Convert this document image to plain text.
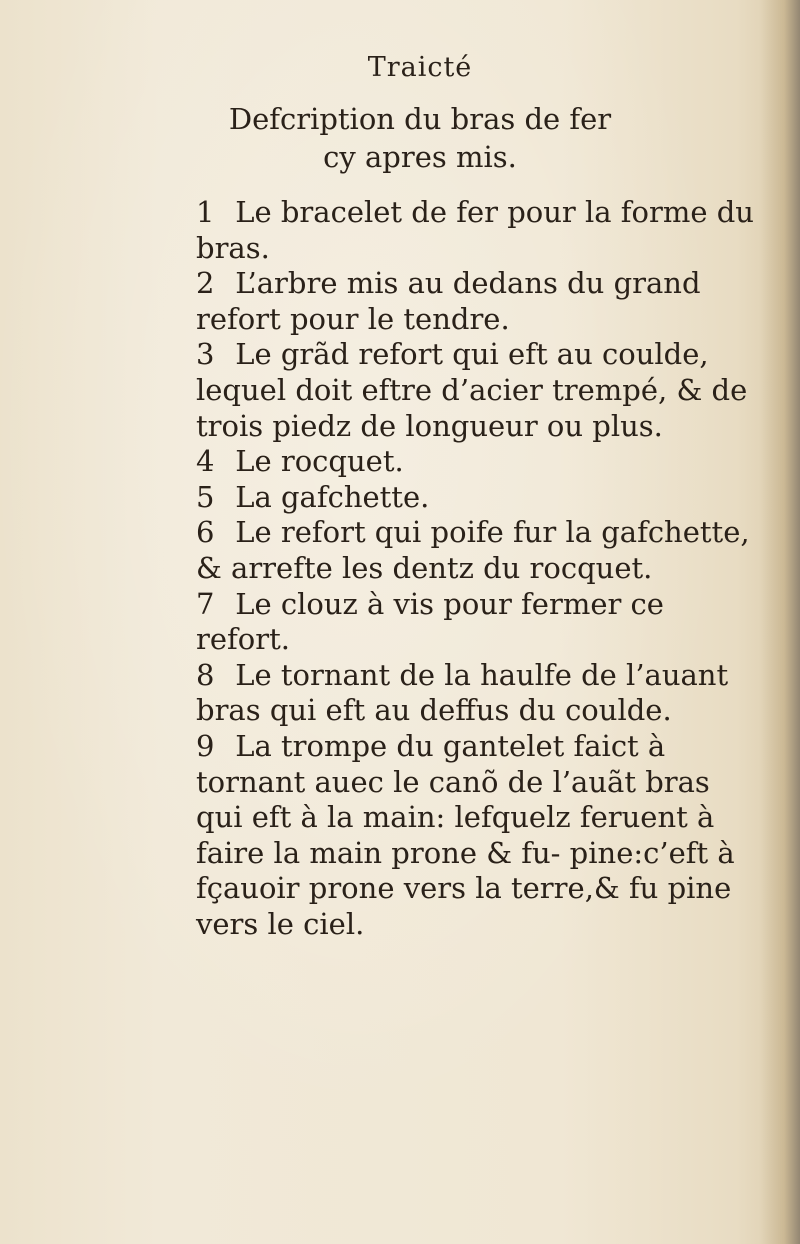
Traicté
Defcription du bras de fer
cy apres mis.

1 Le bracelet de fer pour la forme du bras.

2 L’arbre mis au dedans du grand refort pour le tendre.

3 Le grãd refort qui eft au coulde, lequel doit eftre d’acier trempé, & de trois piedz de longueur ou plus.

4 Le rocquet.

5 La gafchette.

6 Le refort qui poife fur la gafchette, & arrefte les dentz du rocquet.

7 Le clouz à vis pour fermer ce refort.

8 Le tornant de la haulfe de l’auant bras qui eft au deffus du coulde.

9 La trompe du gantelet faict à tornant auec le canõ de l’auãt bras qui eft à la main: lefquelz feruent à faire la main prone & fu- pine:c’eft à fçauoir prone vers la terre,& fu pine vers le ciel.
